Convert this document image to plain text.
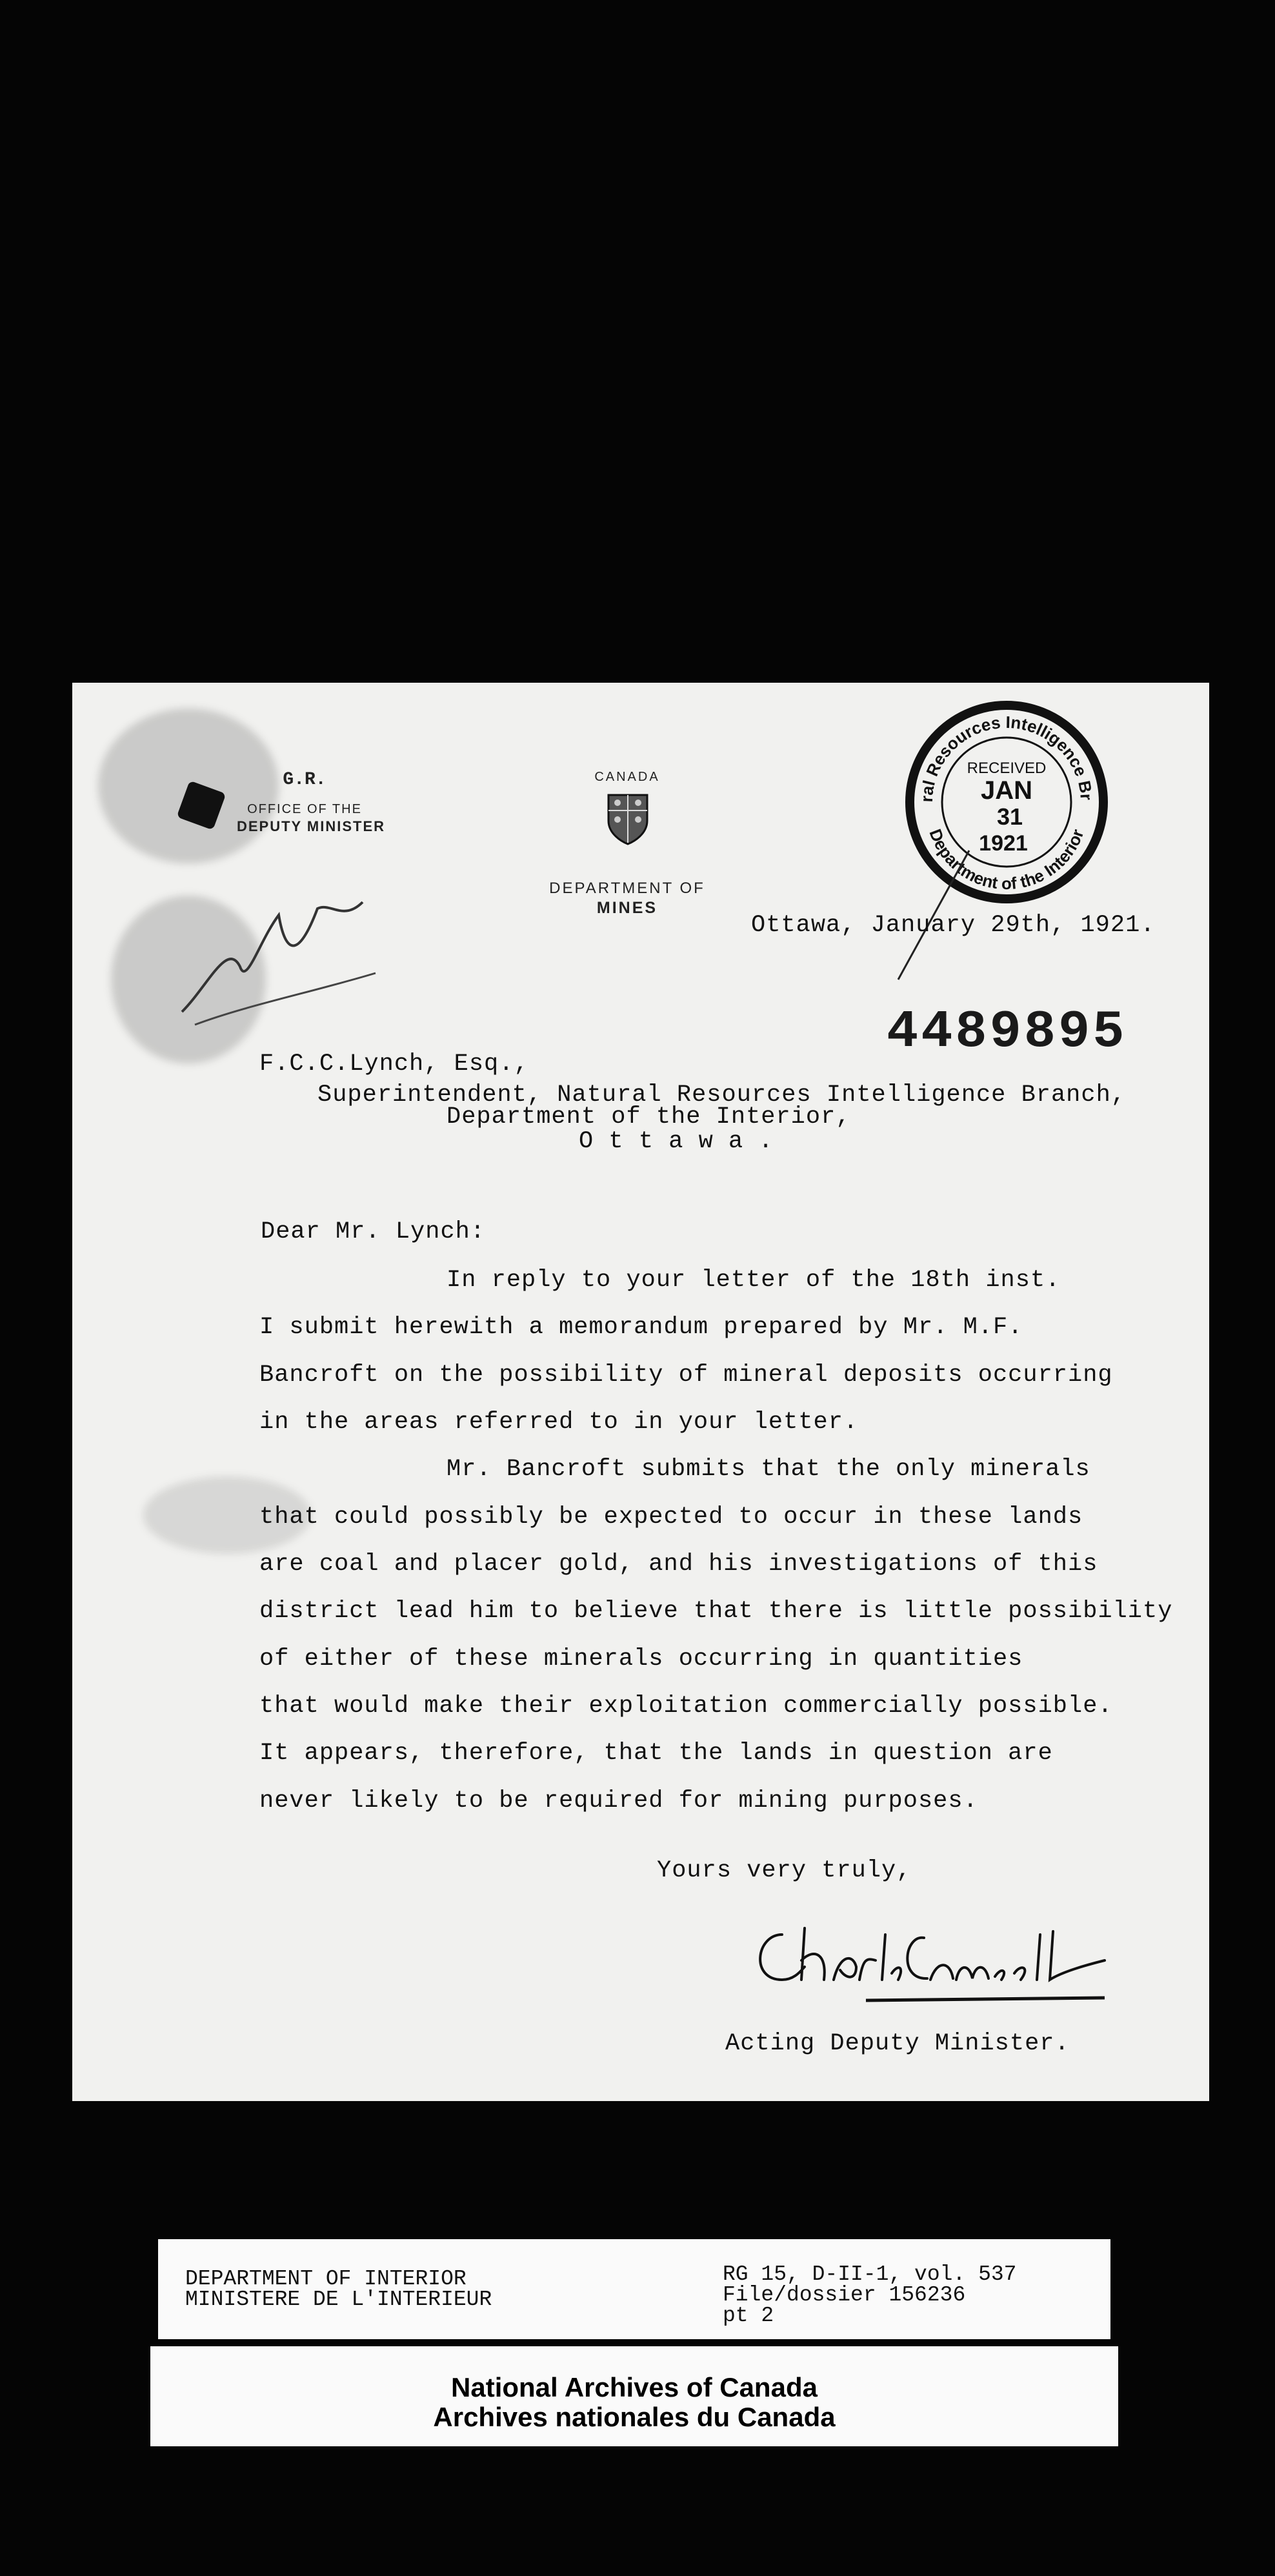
G.R.
OFFICE OF THE
DEPUTY MINISTER
CANADA
DEPARTMENT OF
MINES
ral Resources Intelligence Br
Department of the Interior
RECEIVED
JAN
31
1921
Ottawa, January 29th, 1921.
4489895
F.C.C.Lynch, Esq.,
Superintendent, Natural Resources Intelligence Branch,
Department of the Interior,
O t t a w a .
Dear Mr. Lynch:
In reply to your letter of the 18th inst.
I submit herewith a memorandum prepared by Mr. M.F.
Bancroft on the possibility of mineral deposits occurring
in the areas referred to in your letter.
Mr. Bancroft submits that the only minerals
that could possibly be expected to occur in these lands
are coal and placer gold, and his investigations of this
district lead him to believe that there is little possibility
of either of these minerals occurring in quantities
that would make their exploitation commercially possible.
It appears, therefore, that the lands in question are
never likely to be required for mining purposes.
Yours very truly,
Acting Deputy Minister.
DEPARTMENT OF INTERIOR
MINISTERE DE L'INTERIEUR
RG 15, D-II-1, vol. 537
File/dossier 156236
pt 2
National Archives of Canada
Archives nationales du Canada
